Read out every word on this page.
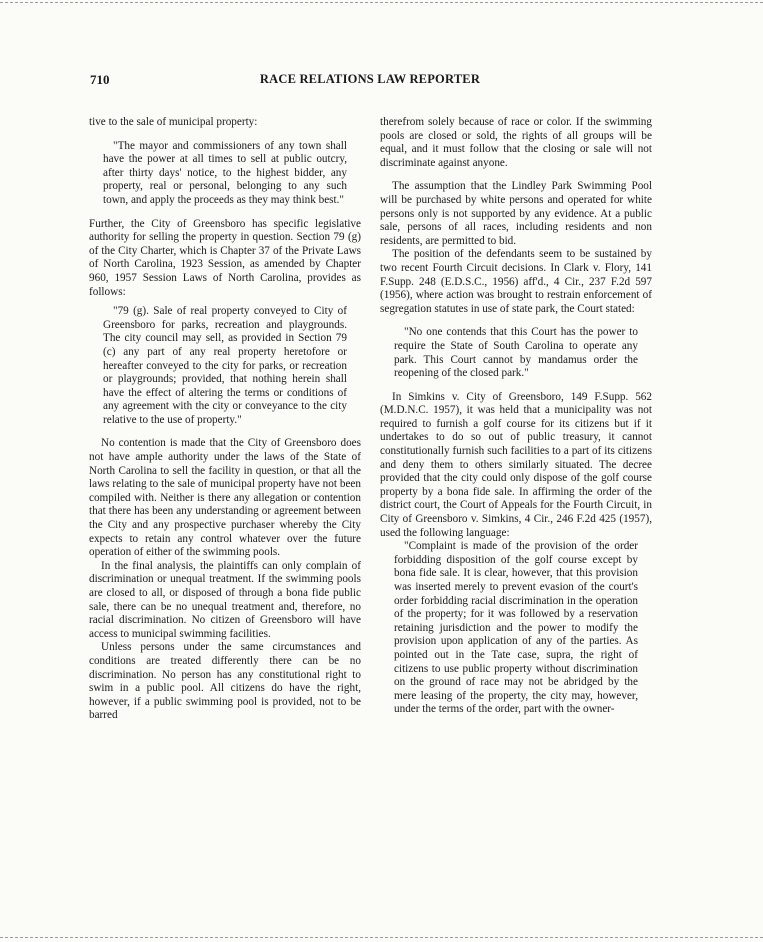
710	RACE RELATIONS LAW REPORTER

tive to the sale of municipal property:

"The mayor and commissioners of any town shall have the power at all times to sell at public outcry, after thirty days' notice, to the highest bidder, any property, real or personal, belonging to any such town, and apply the proceeds as they may think best."

Further, the City of Greensboro has specific legislative authority for selling the property in question. Section 79 (g) of the City Charter, which is Chapter 37 of the Private Laws of North Carolina, 1923 Session, as amended by Chapter 960, 1957 Session Laws of North Carolina, provides as follows:

"79 (g). Sale of real property conveyed to City of Greensboro for parks, recreation and playgrounds. The city council may sell, as provided in Section 79 (c) any part of any real property heretofore or hereafter conveyed to the city for parks, or recreation or playgrounds; provided, that nothing herein shall have the effect of altering the terms or conditions of any agreement with the city or conveyance to the city relative to the use of property."

No contention is made that the City of Greensboro does not have ample authority under the laws of the State of North Carolina to sell the facility in question, or that all the laws relating to the sale of municipal property have not been compiled with. Neither is there any allegation or contention that there has been any understanding or agreement between the City and any prospective purchaser whereby the City expects to retain any control whatever over the future operation of either of the swimming pools.

In the final analysis, the plaintiffs can only complain of discrimination or unequal treatment. If the swimming pools are closed to all, or disposed of through a bona fide public sale, there can be no unequal treatment and, therefore, no racial discrimination. No citizen of Greensboro will have access to municipal swimming facilities.

Unless persons under the same circumstances and conditions are treated differently there can be no discrimination. No person has any constitutional right to swim in a public pool. All citizens do have the right, however, if a public swimming pool is provided, not to be barred

therefrom solely because of race or color. If the swimming pools are closed or sold, the rights of all groups will be equal, and it must follow that the closing or sale will not discriminate against anyone.

The assumption that the Lindley Park Swimming Pool will be purchased by white persons and operated for white persons only is not supported by any evidence. At a public sale, persons of all races, including residents and non residents, are permitted to bid.

The position of the defendants seem to be sustained by two recent Fourth Circuit decisions. In Clark v. Flory, 141 F.Supp. 248 (E.D.S.C., 1956) aff'd., 4 Cir., 237 F.2d 597 (1956), where action was brought to restrain enforcement of segregation statutes in use of state park, the Court stated:

"No one contends that this Court has the power to require the State of South Carolina to operate any park. This Court cannot by mandamus order the reopening of the closed park."

In Simkins v. City of Greensboro, 149 F.Supp. 562 (M.D.N.C. 1957), it was held that a municipality was not required to furnish a golf course for its citizens but if it undertakes to do so out of public treasury, it cannot constitutionally furnish such facilities to a part of its citizens and deny them to others similarly situated. The decree provided that the city could only dispose of the golf course property by a bona fide sale. In affirming the order of the district court, the Court of Appeals for the Fourth Circuit, in City of Greensboro v. Simkins, 4 Cir., 246 F.2d 425 (1957), used the following language:

"Complaint is made of the provision of the order forbidding disposition of the golf course except by bona fide sale. It is clear, however, that this provision was inserted merely to prevent evasion of the court's order forbidding racial discrimination in the operation of the property; for it was followed by a reservation retaining jurisdiction and the power to modify the provision upon application of any of the parties. As pointed out in the Tate case, supra, the right of citizens to use public property without discrimination on the ground of race may not be abridged by the mere leasing of the property, the city may, however, under the terms of the order, part with the owner-
